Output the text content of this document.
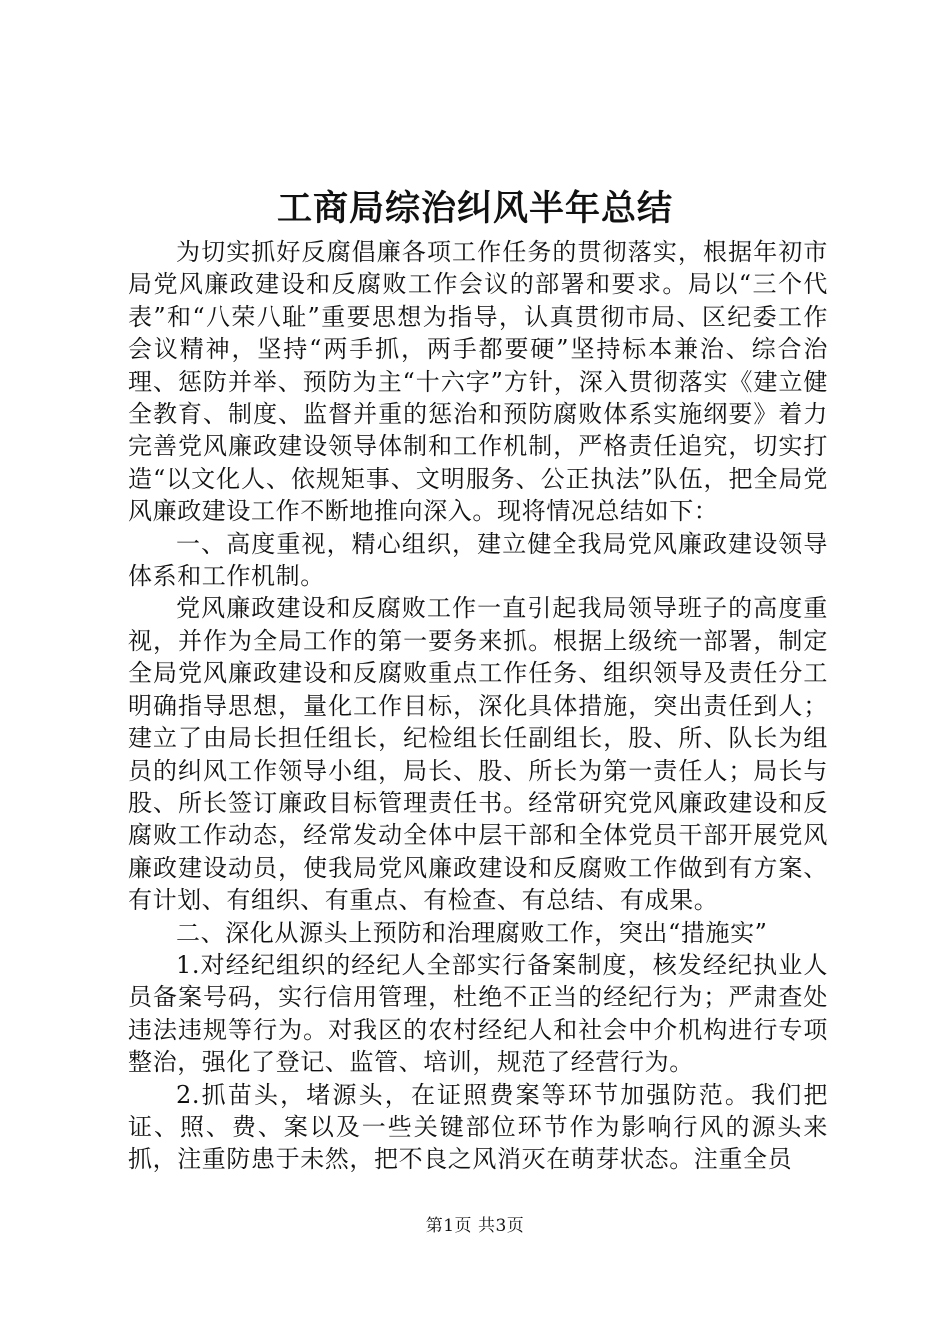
工商局综治纠风半年总结

为切实抓好反腐倡廉各项工作任务的贯彻落实，根据年初市局党风廉政建设和反腐败工作会议的部署和要求。局以“三个代表”和“八荣八耻”重要思想为指导，认真贯彻市局、区纪委工作会议精神，坚持“两手抓，两手都要硬”坚持标本兼治、综合治理、惩防并举、预防为主“十六字”方针，深入贯彻落实《建立健全教育、制度、监督并重的惩治和预防腐败体系实施纲要》着力完善党风廉政建设领导体制和工作机制，严格责任追究，切实打造“以文化人、依规矩事、文明服务、公正执法”队伍，把全局党风廉政建设工作不断地推向深入。现将情况总结如下：

一、高度重视，精心组织，建立健全我局党风廉政建设领导体系和工作机制。

党风廉政建设和反腐败工作一直引起我局领导班子的高度重视，并作为全局工作的第一要务来抓。根据上级统一部署，制定全局党风廉政建设和反腐败重点工作任务、组织领导及责任分工明确指导思想，量化工作目标，深化具体措施，突出责任到人；建立了由局长担任组长，纪检组长任副组长，股、所、队长为组员的纠风工作领导小组，局长、股、所长为第一责任人；局长与股、所长签订廉政目标管理责任书。经常研究党风廉政建设和反腐败工作动态，经常发动全体中层干部和全体党员干部开展党风廉政建设动员，使我局党风廉政建设和反腐败工作做到有方案、有计划、有组织、有重点、有检查、有总结、有成果。

二、深化从源头上预防和治理腐败工作，突出“措施实”

1.对经纪组织的经纪人全部实行备案制度，核发经纪执业人员备案号码，实行信用管理，杜绝不正当的经纪行为；严肃查处违法违规等行为。对我区的农村经纪人和社会中介机构进行专项整治，强化了登记、监管、培训，规范了经营行为。

2.抓苗头，堵源头，在证照费案等环节加强防范。我们把证、照、费、案以及一些关键部位环节作为影响行风的源头来抓，注重防患于未然，把不良之风消灭在萌芽状态。注重全员

第1页 共3页
